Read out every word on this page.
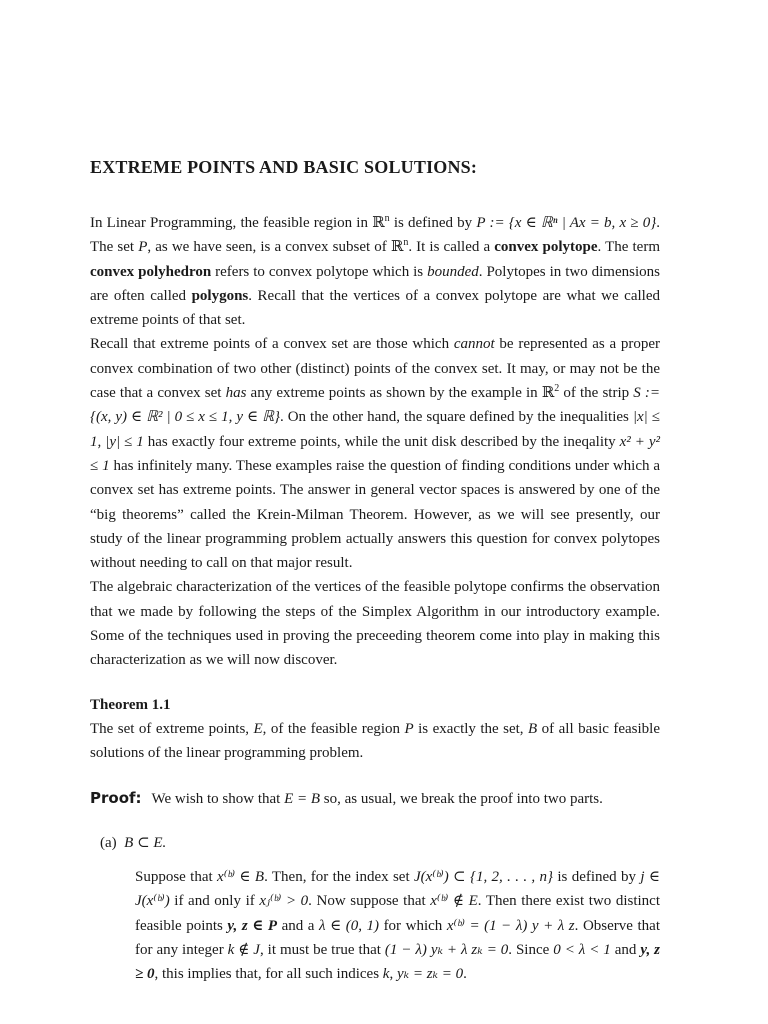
EXTREME POINTS AND BASIC SOLUTIONS:

In Linear Programming, the feasible region in ℝ$^n$ is defined by P := {x ∈ ℝⁿ | Ax = b, x ≥ 0}. The set P, as we have seen, is a convex subset of ℝ$^n$. It is called a convex polytope. The term convex polyhedron refers to convex polytope which is bounded. Polytopes in two dimensions are often called polygons. Recall that the vertices of a convex polytope are what we called extreme points of that set.

Recall that extreme points of a convex set are those which cannot be represented as a proper convex combination of two other (distinct) points of the convex set. It may, or may not be the case that a convex set has any extreme points as shown by the example in ℝ$^2$ of the strip S := {(x, y) ∈ ℝ² | 0 ≤ x ≤ 1, y ∈ ℝ}. On the other hand, the square defined by the inequalities |x| ≤ 1, |y| ≤ 1 has exactly four extreme points, while the unit disk described by the ineqality x² + y² ≤ 1 has infinitely many. These examples raise the question of finding conditions under which a convex set has extreme points. The answer in general vector spaces is answered by one of the “big theorems” called the Krein-Milman Theorem. However, as we will see presently, our study of the linear programming problem actually answers this question for convex polytopes without needing to call on that major result.

The algebraic characterization of the vertices of the feasible polytope confirms the observation that we made by following the steps of the Simplex Algorithm in our introductory example. Some of the techniques used in proving the preceeding theorem come into play in making this characterization as we will now discover.

Theorem 1.1

The set of extreme points, E, of the feasible region P is exactly the set, B of all basic feasible solutions of the linear programming problem.

Proof: We wish to show that E = B so, as usual, we break the proof into two parts.

(a) B ⊂ E.

Suppose that x⁽ᵇ⁾ ∈ B. Then, for the index set J(x⁽ᵇ⁾) ⊂ {1, 2, . . . , n} is defined by j ∈ J(x⁽ᵇ⁾) if and only if xⱼ⁽ᵇ⁾ > 0. Now suppose that x⁽ᵇ⁾ ∉ E. Then there exist two distinct feasible points y, z ∈ P and a λ ∈ (0, 1) for which x⁽ᵇ⁾ = (1 − λ) y + λ z. Observe that for any integer k ∉ J, it must be true that (1 − λ) yₖ + λ zₖ = 0. Since 0 < λ < 1 and y, z ≥ 0, this implies that, for all such indices k, yₖ = zₖ = 0.
